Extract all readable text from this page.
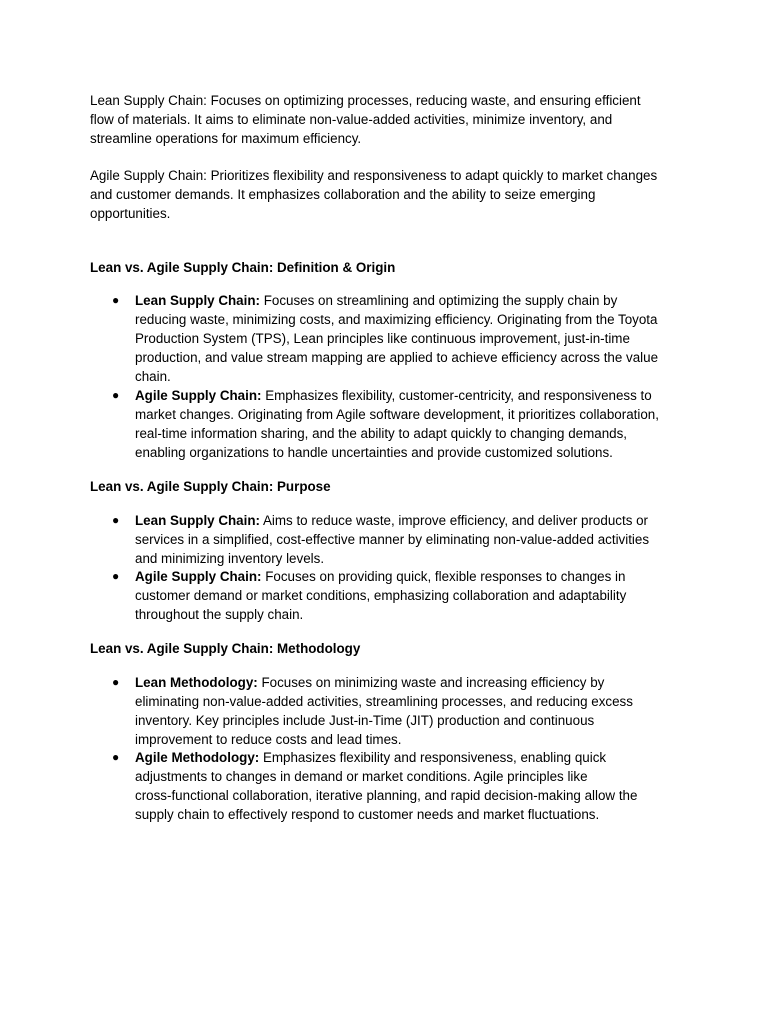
Lean Supply Chain: Focuses on optimizing processes, reducing waste, and ensuring efficient
flow of materials. It aims to eliminate non-value-added activities, minimize inventory, and
streamline operations for maximum efficiency.
Agile Supply Chain: Prioritizes flexibility and responsiveness to adapt quickly to market changes
and customer demands. It emphasizes collaboration and the ability to seize emerging
opportunities.
Lean vs. Agile Supply Chain: Definition & Origin
● Lean Supply Chain: Focuses on streamlining and optimizing the supply chain by
reducing waste, minimizing costs, and maximizing efficiency. Originating from the Toyota
Production System (TPS), Lean principles like continuous improvement, just-in-time
production, and value stream mapping are applied to achieve efficiency across the value
chain.
● Agile Supply Chain: Emphasizes flexibility, customer-centricity, and responsiveness to
market changes. Originating from Agile software development, it prioritizes collaboration,
real-time information sharing, and the ability to adapt quickly to changing demands,
enabling organizations to handle uncertainties and provide customized solutions.
Lean vs. Agile Supply Chain: Purpose
● Lean Supply Chain: Aims to reduce waste, improve efficiency, and deliver products or
services in a simplified, cost-effective manner by eliminating non-value-added activities
and minimizing inventory levels.
● Agile Supply Chain: Focuses on providing quick, flexible responses to changes in
customer demand or market conditions, emphasizing collaboration and adaptability
throughout the supply chain.
Lean vs. Agile Supply Chain: Methodology
● Lean Methodology: Focuses on minimizing waste and increasing efficiency by
eliminating non-value-added activities, streamlining processes, and reducing excess
inventory. Key principles include Just-in-Time (JIT) production and continuous
improvement to reduce costs and lead times.
● Agile Methodology: Emphasizes flexibility and responsiveness, enabling quick
adjustments to changes in demand or market conditions. Agile principles like
cross-functional collaboration, iterative planning, and rapid decision-making allow the
supply chain to effectively respond to customer needs and market fluctuations.
